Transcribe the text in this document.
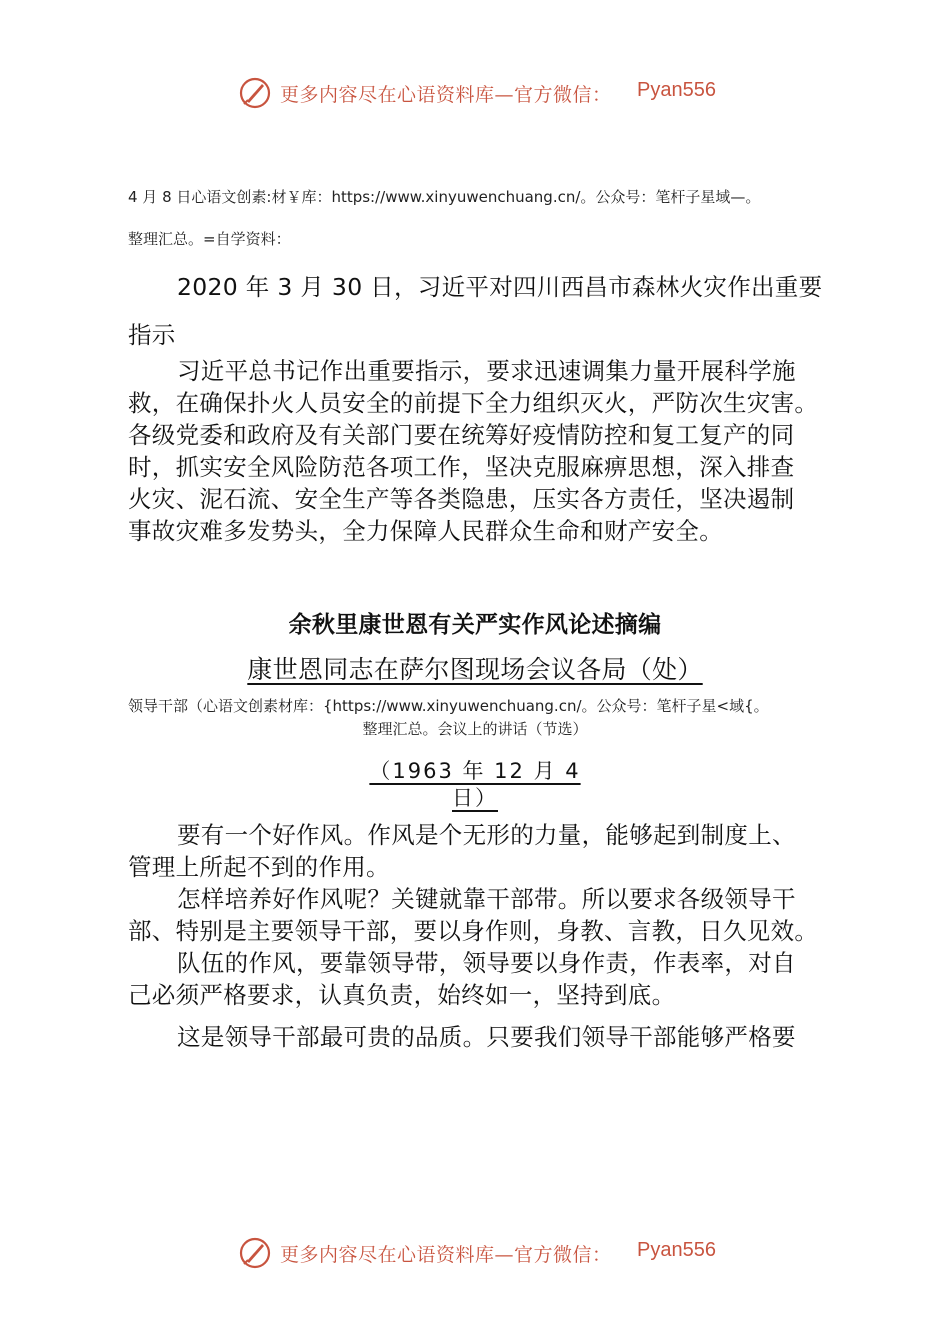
更多内容尽在心语资料库—官方微信： Pyan556
4 月 8 日心语文创素:材￥库：https://www.xinyuwenchuang.cn/。公众号：笔杆子星域—。
整理汇总。=自学资料：
2020 年 3 月 30 日，习近平对四川西昌市森林火灾作出重要
指示
习近平总书记作出重要指示，要求迅速调集力量开展科学施
救，在确保扑火人员安全的前提下全力组织灭火，严防次生灾害。
各级党委和政府及有关部门要在统筹好疫情防控和复工复产的同
时，抓实安全风险防范各项工作，坚决克服麻痹思想，深入排查
火灾、泥石流、安全生产等各类隐患，压实各方责任，坚决遏制
事故灾难多发势头，全力保障人民群众生命和财产安全。
余秋里康世恩有关严实作风论述摘编
康世恩同志在萨尔图现场会议各局（处）
领导干部（心语文创素材库：{https://www.xinyuwenchuang.cn/。公众号：笔杆子星<域{。
整理汇总。会议上的讲话（节选）
（1963 年 12 月 4
日）
要有一个好作风。作风是个无形的力量，能够起到制度上、
管理上所起不到的作用。
怎样培养好作风呢？关键就靠干部带。所以要求各级领导干
部、特别是主要领导干部，要以身作则，身教、言教，日久见效。
队伍的作风，要靠领导带，领导要以身作责，作表率，对自
己必须严格要求，认真负责，始终如一，坚持到底。
这是领导干部最可贵的品质。只要我们领导干部能够严格要
更多内容尽在心语资料库—官方微信： Pyan556
